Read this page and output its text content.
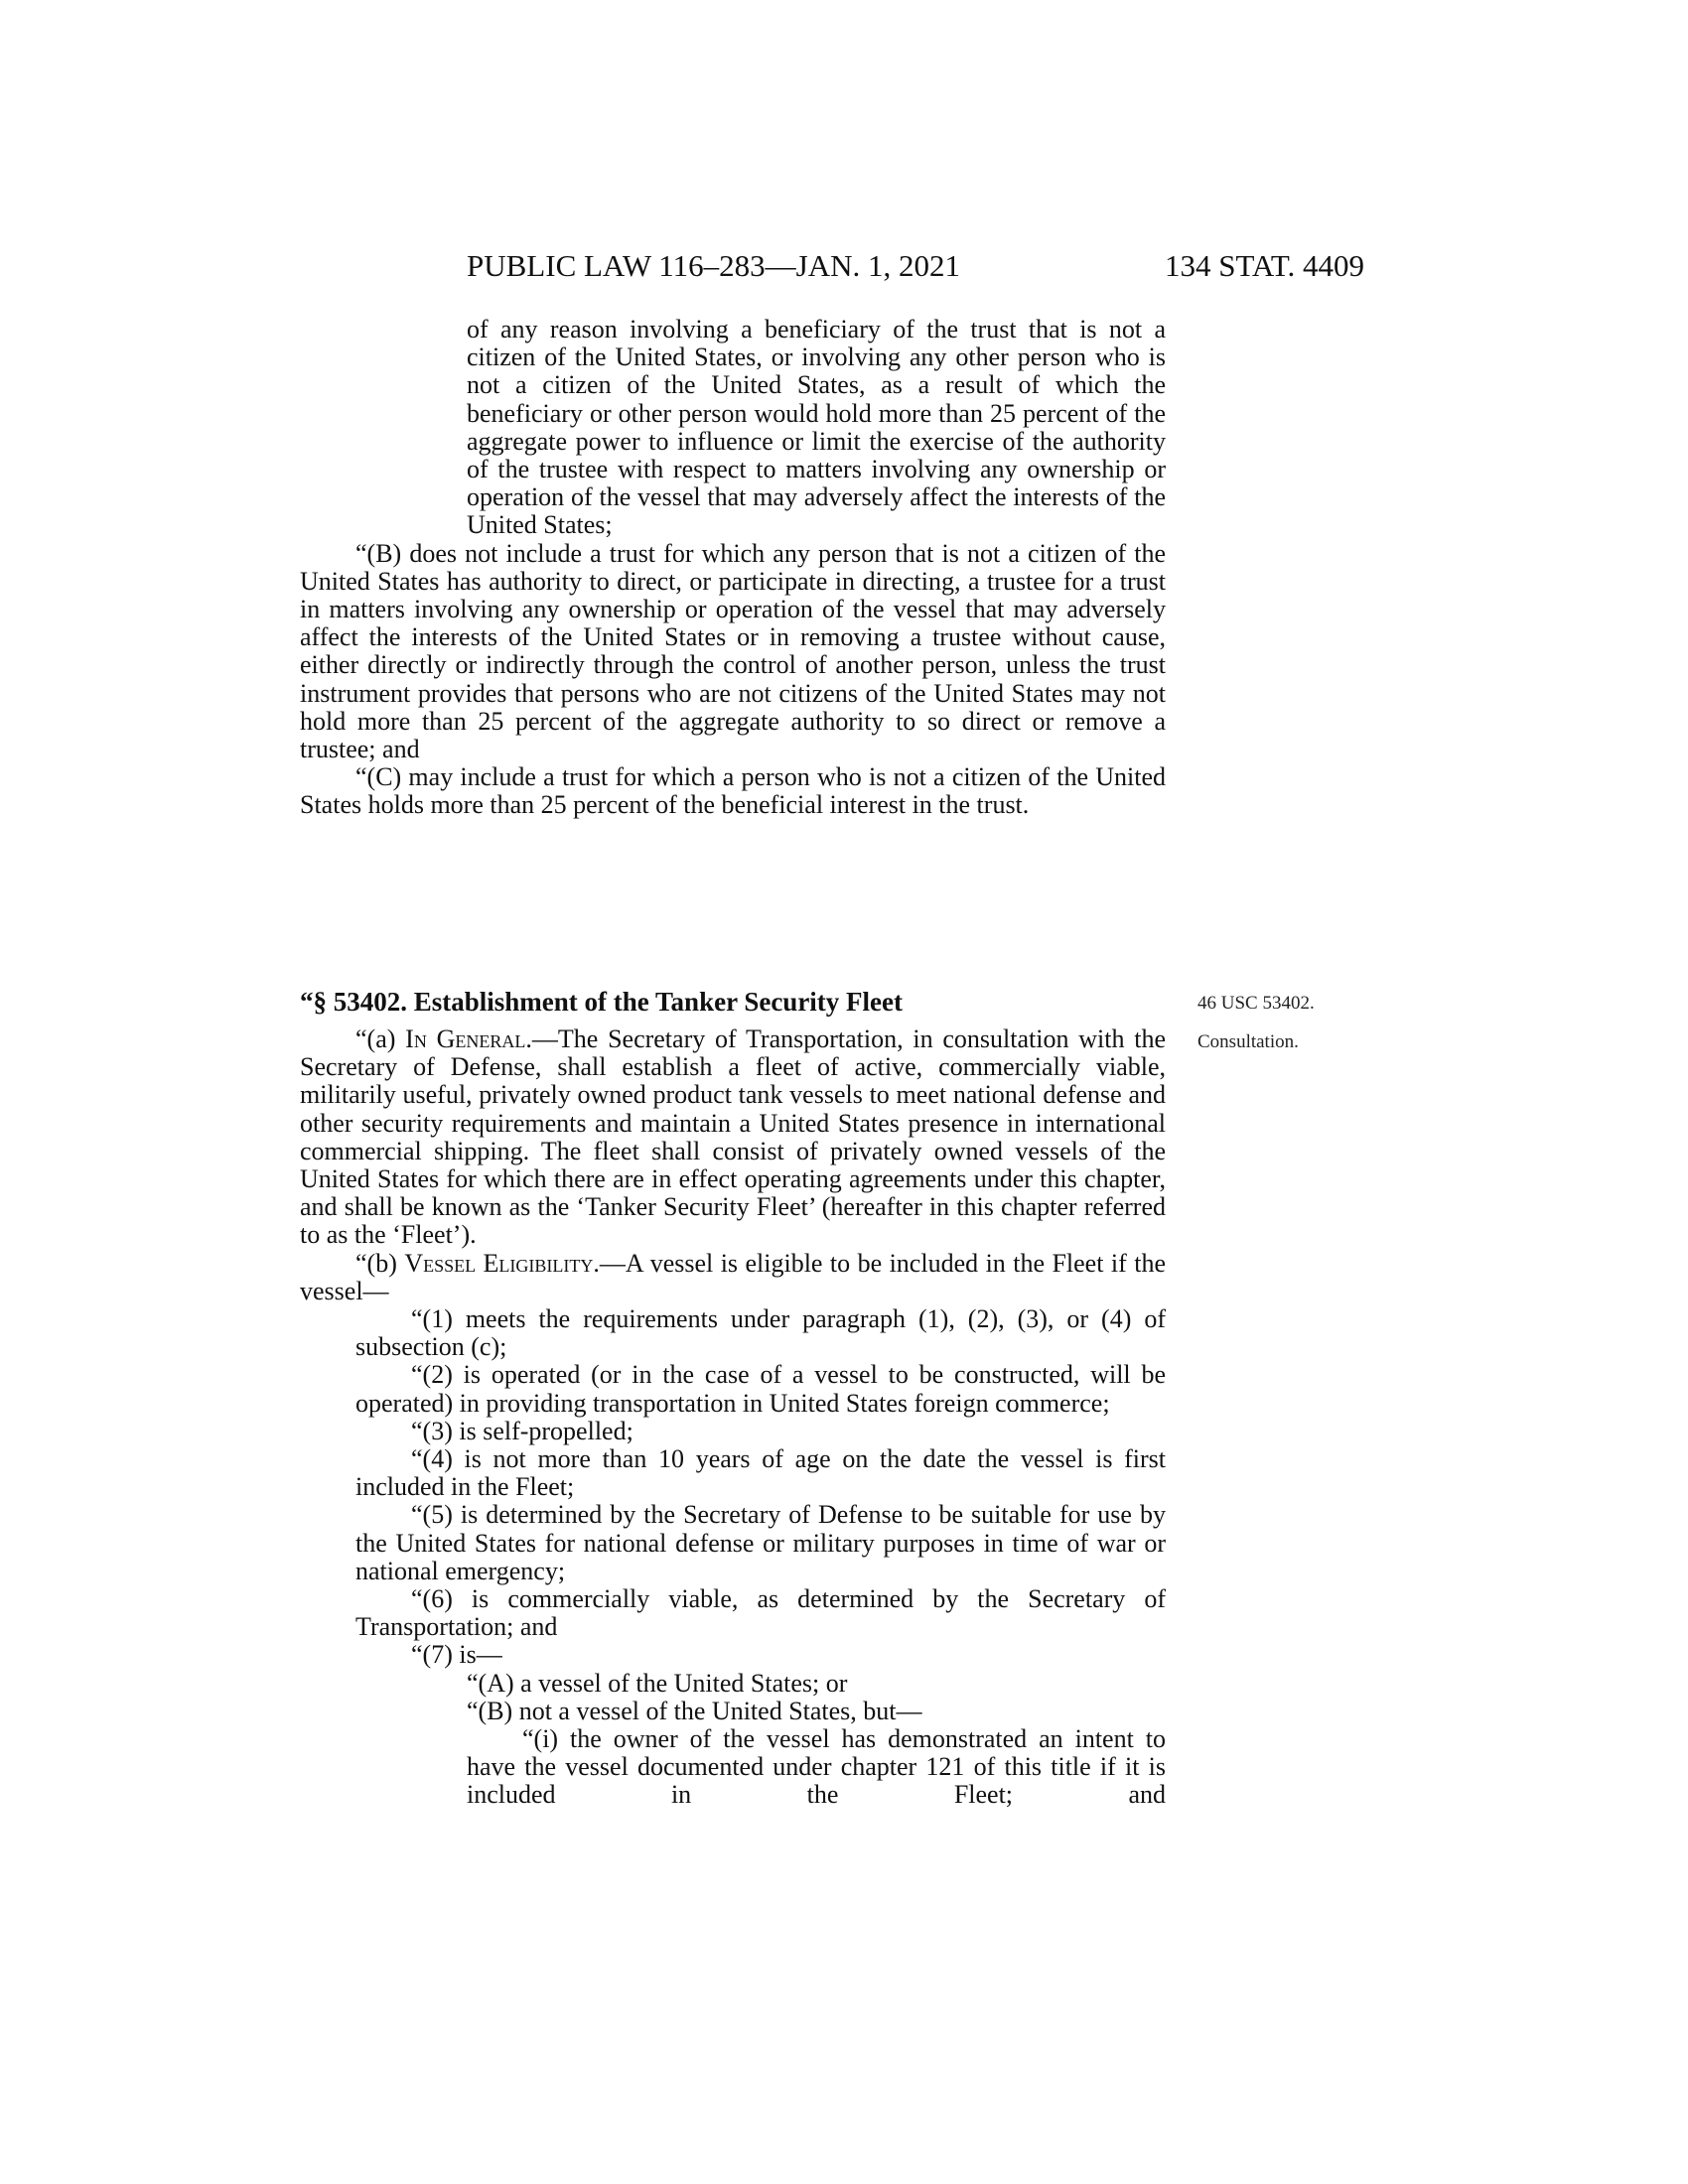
PUBLIC LAW 116–283—JAN. 1, 2021	134 STAT. 4409

of any reason involving a beneficiary of the trust that is not a citizen of the United States, or involving any other person who is not a citizen of the United States, as a result of which the beneficiary or other person would hold more than 25 percent of the aggregate power to influence or limit the exercise of the authority of the trustee with respect to matters involving any ownership or operation of the vessel that may adversely affect the interests of the United States;

“(B) does not include a trust for which any person that is not a citizen of the United States has authority to direct, or participate in directing, a trustee for a trust in matters involving any ownership or operation of the vessel that may adversely affect the interests of the United States or in removing a trustee without cause, either directly or indirectly through the control of another person, unless the trust instrument provides that persons who are not citizens of the United States may not hold more than 25 percent of the aggregate authority to so direct or remove a trustee; and

“(C) may include a trust for which a person who is not a citizen of the United States holds more than 25 percent of the beneficial interest in the trust.

“§ 53402. Establishment of the Tanker Security Fleet	46 USC 53402.
Consultation.

“(a) In General.—The Secretary of Transportation, in consultation with the Secretary of Defense, shall establish a fleet of active, commercially viable, militarily useful, privately owned product tank vessels to meet national defense and other security requirements and maintain a United States presence in international commercial shipping. The fleet shall consist of privately owned vessels of the United States for which there are in effect operating agreements under this chapter, and shall be known as the ‘Tanker Security Fleet’ (hereafter in this chapter referred to as the ‘Fleet’).

“(b) Vessel Eligibility.—A vessel is eligible to be included in the Fleet if the vessel—

“(1) meets the requirements under paragraph (1), (2), (3), or (4) of subsection (c);

“(2) is operated (or in the case of a vessel to be constructed, will be operated) in providing transportation in United States foreign commerce;

“(3) is self-propelled;

“(4) is not more than 10 years of age on the date the vessel is first included in the Fleet;

“(5) is determined by the Secretary of Defense to be suitable for use by the United States for national defense or military purposes in time of war or national emergency;

“(6) is commercially viable, as determined by the Secretary of Transportation; and

“(7) is—

“(A) a vessel of the United States; or

“(B) not a vessel of the United States, but—

“(i) the owner of the vessel has demonstrated an intent to have the vessel documented under chapter 121 of this title if it is included in the Fleet; and
